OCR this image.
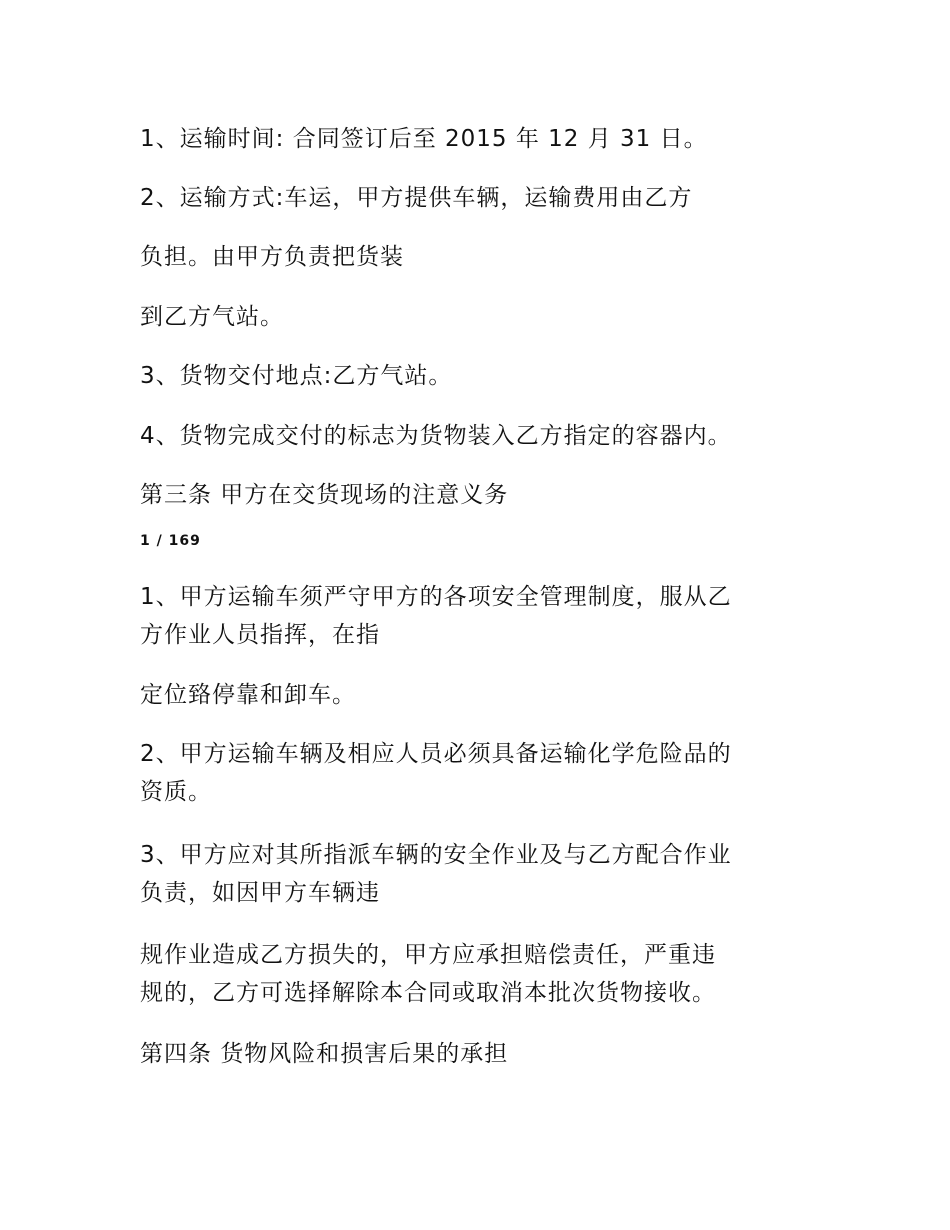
1、运输时间: 合同签订后至 2015 年 12 月 31 日。

2、运输方式:车运，甲方提供车辆，运输费用由乙方

负担。由甲方负责把货装

到乙方气站。

3、货物交付地点:乙方气站。

4、货物完成交付的标志为货物装入乙方指定的容器内。

第三条 甲方在交货现场的注意义务

1 / 169

1、甲方运输车须严守甲方的各项安全管理制度，服从乙

方作业人员指挥，在指

定位臵停靠和卸车。

2、甲方运输车辆及相应人员必须具备运输化学危险品的

资质。

3、甲方应对其所指派车辆的安全作业及与乙方配合作业

负责，如因甲方车辆违

规作业造成乙方损失的，甲方应承担赔偿责任，严重违

规的，乙方可选择解除本合同或取消本批次货物接收。

第四条 货物风险和损害后果的承担
